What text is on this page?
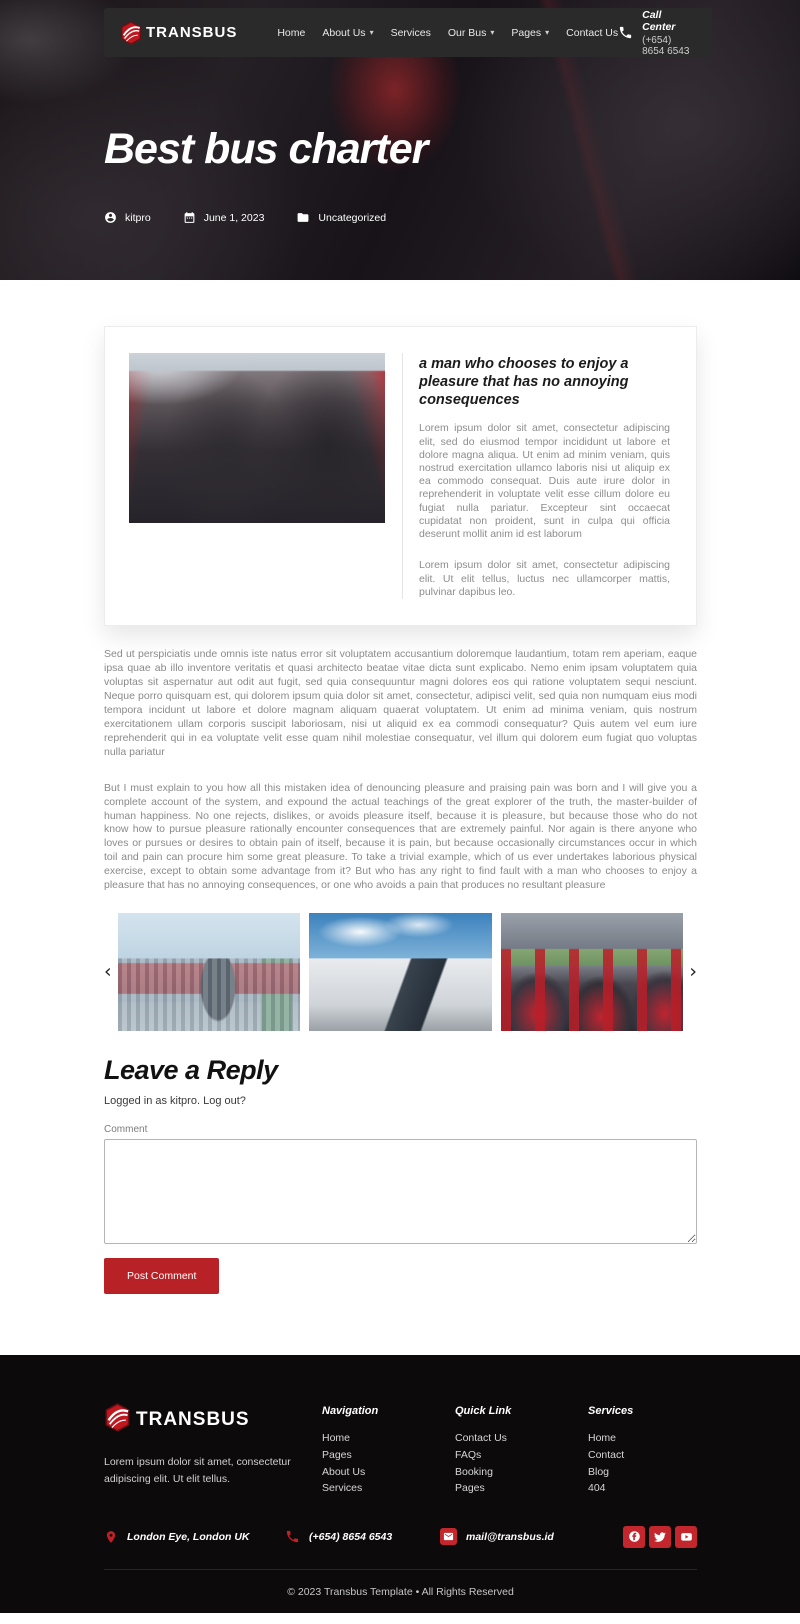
TRANSBUS	Home About Us ▾ Services Our Bus ▾ Pages ▾ Contact Us
Call Center
(+654) 8654 6543
Best bus charter
kitpro	June 1, 2023	Uncategorized
a man who chooses to enjoy a pleasure that has no annoying consequences

Lorem ipsum dolor sit amet, consectetur adipiscing elit, sed do eiusmod tempor incididunt ut labore et dolore magna aliqua. Ut enim ad minim veniam, quis nostrud exercitation ullamco laboris nisi ut aliquip ex ea commodo consequat. Duis aute irure dolor in reprehenderit in voluptate velit esse cillum dolore eu fugiat nulla pariatur. Excepteur sint occaecat cupidatat non proident, sunt in culpa qui officia deserunt mollit anim id est laborum

Lorem ipsum dolor sit amet, consectetur adipiscing elit. Ut elit tellus, luctus nec ullamcorper mattis, pulvinar dapibus leo.

Sed ut perspiciatis unde omnis iste natus error sit voluptatem accusantium doloremque laudantium, totam rem aperiam, eaque ipsa quae ab illo inventore veritatis et quasi architecto beatae vitae dicta sunt explicabo. Nemo enim ipsam voluptatem quia voluptas sit aspernatur aut odit aut fugit, sed quia consequuntur magni dolores eos qui ratione voluptatem sequi nesciunt. Neque porro quisquam est, qui dolorem ipsum quia dolor sit amet, consectetur, adipisci velit, sed quia non numquam eius modi tempora incidunt ut labore et dolore magnam aliquam quaerat voluptatem. Ut enim ad minima veniam, quis nostrum exercitationem ullam corporis suscipit laboriosam, nisi ut aliquid ex ea commodi consequatur? Quis autem vel eum iure reprehenderit qui in ea voluptate velit esse quam nihil molestiae consequatur, vel illum qui dolorem eum fugiat quo voluptas nulla pariatur

But I must explain to you how all this mistaken idea of denouncing pleasure and praising pain was born and I will give you a complete account of the system, and expound the actual teachings of the great explorer of the truth, the master-builder of human happiness. No one rejects, dislikes, or avoids pleasure itself, because it is pleasure, but because those who do not know how to pursue pleasure rationally encounter consequences that are extremely painful. Nor again is there anyone who loves or pursues or desires to obtain pain of itself, because it is pain, but because occasionally circumstances occur in which toil and pain can procure him some great pleasure. To take a trivial example, which of us ever undertakes laborious physical exercise, except to obtain some advantage from it? But who has any right to find fault with a man who chooses to enjoy a pleasure that has no annoying consequences, or one who avoids a pain that produces no resultant pleasure

‹	›
Leave a Reply

Logged in as kitpro. Log out?

Comment
Post Comment
TRANSBUS

Lorem ipsum dolor sit amet, consectetur adipiscing elit. Ut elit tellus.

Navigation
Home
Pages
About Us
Services
Quick Link
Contact Us
FAQs
Booking
Pages
Services
Home
Contact
Blog
404
London Eye, London UK	(+654) 8654 6543	mail@transbus.id
© 2023 Transbus Template • All Rights Reserved
